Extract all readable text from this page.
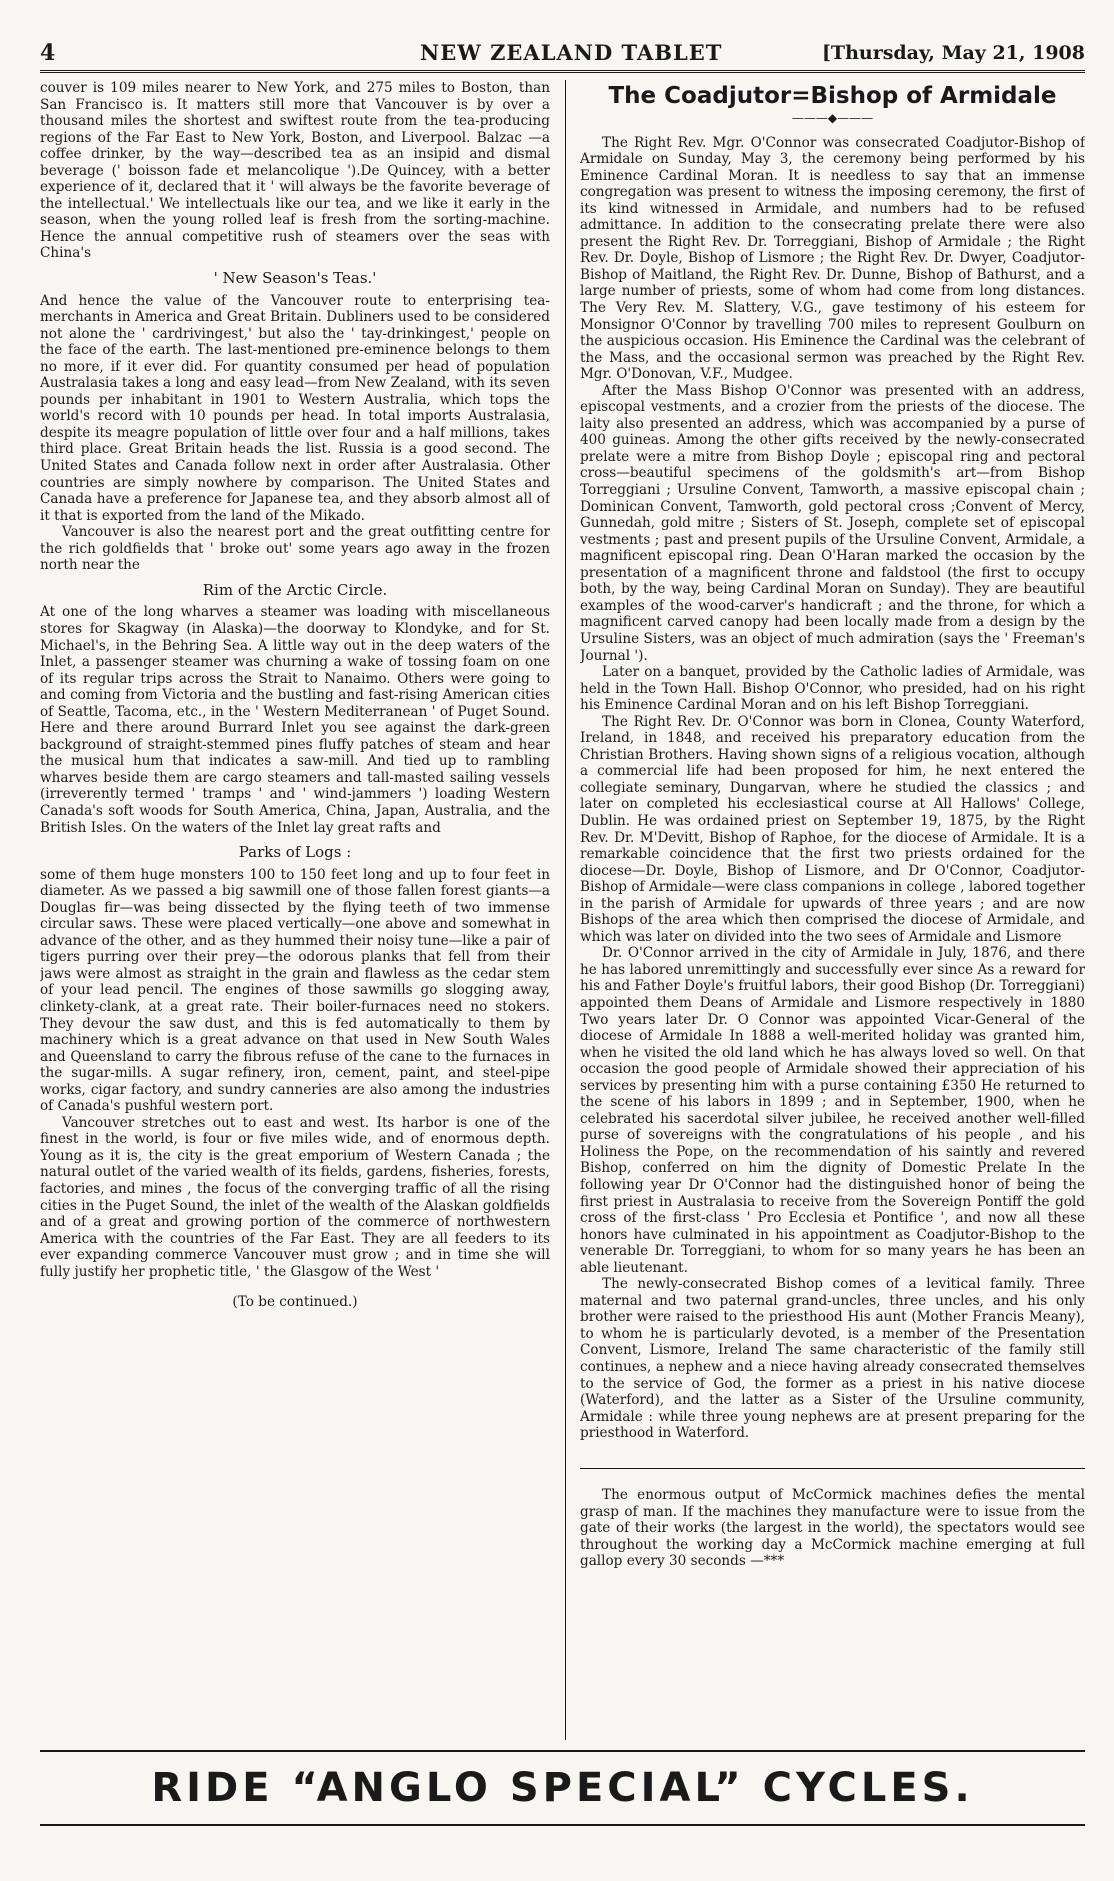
4	NEW ZEALAND TABLET	[Thursday, May 21, 1908

couver is 109 miles nearer to New York, and 275 miles to Boston, than San Francisco is. It matters still more that Vancouver is by over a thousand miles the shortest and swiftest route from the tea-producing regions of the Far East to New York, Boston, and Liverpool. Balzac —a coffee drinker, by the way—described tea as an insipid and dismal beverage (' boisson fade et melancolique ').De Quincey, with a better experience of it, declared that it ' will always be the favorite beverage of the intellectual.' We intellectuals like our tea, and we like it early in the season, when the young rolled leaf is fresh from the sorting-machine. Hence the annual competitive rush of steamers over the seas with China's

' New Season's Teas.'

And hence the value of the Vancouver route to enterprising tea-merchants in America and Great Britain. Dubliners used to be considered not alone the ' cardrivingest,' but also the ' tay-drinkingest,' people on the face of the earth. The last-mentioned pre-eminence belongs to them no more, if it ever did. For quantity consumed per head of population Australasia takes a long and easy lead—from New Zealand, with its seven pounds per inhabitant in 1901 to Western Australia, which tops the world's record with 10 pounds per head. In total imports Australasia, despite its meagre population of little over four and a half millions, takes third place. Great Britain heads the list. Russia is a good second. The United States and Canada follow next in order after Australasia. Other countries are simply nowhere by comparison. The United States and Canada have a preference for Japanese tea, and they absorb almost all of it that is exported from the land of the Mikado.

Vancouver is also the nearest port and the great outfitting centre for the rich goldfields that ' broke out' some years ago away in the frozen north near the

Rim of the Arctic Circle.

At one of the long wharves a steamer was loading with miscellaneous stores for Skagway (in Alaska)—the doorway to Klondyke, and for St. Michael's, in the Behring Sea. A little way out in the deep waters of the Inlet, a passenger steamer was churning a wake of tossing foam on one of its regular trips across the Strait to Nanaimo. Others were going to and coming from Victoria and the bustling and fast-rising American cities of Seattle, Tacoma, etc., in the ' Western Mediterranean ' of Puget Sound. Here and there around Burrard Inlet you see against the dark-green background of straight-stemmed pines fluffy patches of steam and hear the musical hum that indicates a saw-mill. And tied up to rambling wharves beside them are cargo steamers and tall-masted sailing vessels (irreverently termed ' tramps ' and ' wind-jammers ') loading Western Canada's soft woods for South America, China, Japan, Australia, and the British Isles. On the waters of the Inlet lay great rafts and

Parks of Logs :

some of them huge monsters 100 to 150 feet long and up to four feet in diameter. As we passed a big sawmill one of those fallen forest giants—a Douglas fir—was being dissected by the flying teeth of two immense circular saws. These were placed vertically—one above and somewhat in advance of the other, and as they hummed their noisy tune—like a pair of tigers purring over their prey—the odorous planks that fell from their jaws were almost as straight in the grain and flawless as the cedar stem of your lead pencil. The engines of those sawmills go slogging away, clinkety-clank, at a great rate. Their boiler-furnaces need no stokers. They devour the saw dust, and this is fed automatically to them by machinery which is a great advance on that used in New South Wales and Queensland to carry the fibrous refuse of the cane to the furnaces in the sugar-mills. A sugar refinery, iron, cement, paint, and steel-pipe works, cigar factory, and sundry canneries are also among the industries of Canada's pushful western port.

Vancouver stretches out to east and west. Its harbor is one of the finest in the world, is four or five miles wide, and of enormous depth. Young as it is, the city is the great emporium of Western Canada ; the natural outlet of the varied wealth of its fields, gardens, fisheries, forests, factories, and mines , the focus of the converging traffic of all the rising cities in the Puget Sound, the inlet of the wealth of the Alaskan goldfields and of a great and growing portion of the commerce of northwestern America with the countries of the Far East. They are all feeders to its ever expanding commerce Vancouver must grow ; and in time she will fully justify her prophetic title, ' the Glasgow of the West '

(To be continued.)
The Coadjutor=Bishop of Armidale
———◆———

The Right Rev. Mgr. O'Connor was consecrated Coadjutor-Bishop of Armidale on Sunday, May 3, the ceremony being performed by his Eminence Cardinal Moran. It is needless to say that an immense congregation was present to witness the imposing ceremony, the first of its kind witnessed in Armidale, and numbers had to be refused admittance. In addition to the consecrating prelate there were also present the Right Rev. Dr. Torreggiani, Bishop of Armidale ; the Right Rev. Dr. Doyle, Bishop of Lismore ; the Right Rev. Dr. Dwyer, Coadjutor-Bishop of Maitland, the Right Rev. Dr. Dunne, Bishop of Bathurst, and a large number of priests, some of whom had come from long distances. The Very Rev. M. Slattery, V.G., gave testimony of his esteem for Monsignor O'Connor by travelling 700 miles to represent Goulburn on the auspicious occasion. His Eminence the Cardinal was the celebrant of the Mass, and the occasional sermon was preached by the Right Rev. Mgr. O'Donovan, V.F., Mudgee.

After the Mass Bishop O'Connor was presented with an address, episcopal vestments, and a crozier from the priests of the diocese. The laity also presented an address, which was accompanied by a purse of 400 guineas. Among the other gifts received by the newly-consecrated prelate were a mitre from Bishop Doyle ; episcopal ring and pectoral cross—beautiful specimens of the goldsmith's art—from Bishop Torreggiani ; Ursuline Convent, Tamworth, a massive episcopal chain ; Dominican Convent, Tamworth, gold pectoral cross ;Convent of Mercy, Gunnedah, gold mitre ; Sisters of St. Joseph, complete set of episcopal vestments ; past and present pupils of the Ursuline Convent, Armidale, a magnificent episcopal ring. Dean O'Haran marked the occasion by the presentation of a magnificent throne and faldstool (the first to occupy both, by the way, being Cardinal Moran on Sunday). They are beautiful examples of the wood-carver's handicraft ; and the throne, for which a magnificent carved canopy had been locally made from a design by the Ursuline Sisters, was an object of much admiration (says the ' Freeman's Journal ').

Later on a banquet, provided by the Catholic ladies of Armidale, was held in the Town Hall. Bishop O'Connor, who presided, had on his right his Eminence Cardinal Moran and on his left Bishop Torreggiani.

The Right Rev. Dr. O'Connor was born in Clonea, County Waterford, Ireland, in 1848, and received his preparatory education from the Christian Brothers. Having shown signs of a religious vocation, although a commercial life had been proposed for him, he next entered the collegiate seminary, Dungarvan, where he studied the classics ; and later on completed his ecclesiastical course at All Hallows' College, Dublin. He was ordained priest on September 19, 1875, by the Right Rev. Dr. M'Devitt, Bishop of Raphoe, for the diocese of Armidale. It is a remarkable coincidence that the first two priests ordained for the diocese—Dr. Doyle, Bishop of Lismore, and Dr O'Connor, Coadjutor-Bishop of Armidale—were class companions in college , labored together in the parish of Armidale for upwards of three years ; and are now Bishops of the area which then comprised the diocese of Armidale, and which was later on divided into the two sees of Armidale and Lismore

Dr. O'Connor arrived in the city of Armidale in July, 1876, and there he has labored unremittingly and successfully ever since As a reward for his and Father Doyle's fruitful labors, their good Bishop (Dr. Torreggiani) appointed them Deans of Armidale and Lismore respectively in 1880 Two years later Dr. O Connor was appointed Vicar-General of the diocese of Armidale In 1888 a well-merited holiday was granted him, when he visited the old land which he has always loved so well. On that occasion the good people of Armidale showed their appreciation of his services by presenting him with a purse containing £350 He returned to the scene of his labors in 1899 ; and in September, 1900, when he celebrated his sacerdotal silver jubilee, he received another well-filled purse of sovereigns with the congratulations of his people , and his Holiness the Pope, on the recommendation of his saintly and revered Bishop, conferred on him the dignity of Domestic Prelate In the following year Dr O'Connor had the distinguished honor of being the first priest in Australasia to receive from the Sovereign Pontiff the gold cross of the first-class ' Pro Ecclesia et Pontifice ', and now all these honors have culminated in his appointment as Coadjutor-Bishop to the venerable Dr. Torreggiani, to whom for so many years he has been an able lieutenant.

The newly-consecrated Bishop comes of a levitical family. Three maternal and two paternal grand-uncles, three uncles, and his only brother were raised to the priesthood His aunt (Mother Francis Meany), to whom he is particularly devoted, is a member of the Presentation Convent, Lismore, Ireland The same characteristic of the family still continues, a nephew and a niece having already consecrated themselves to the service of God, the former as a priest in his native diocese (Waterford), and the latter as a Sister of the Ursuline community, Armidale : while three young nephews are at present preparing for the priesthood in Waterford.

The enormous output of McCormick machines defies the mental grasp of man. If the machines they manufacture were to issue from the gate of their works (the largest in the world), the spectators would see throughout the working day a McCormick machine emerging at full gallop every 30 seconds —***

RIDE “ANGLO SPECIAL” CYCLES.
